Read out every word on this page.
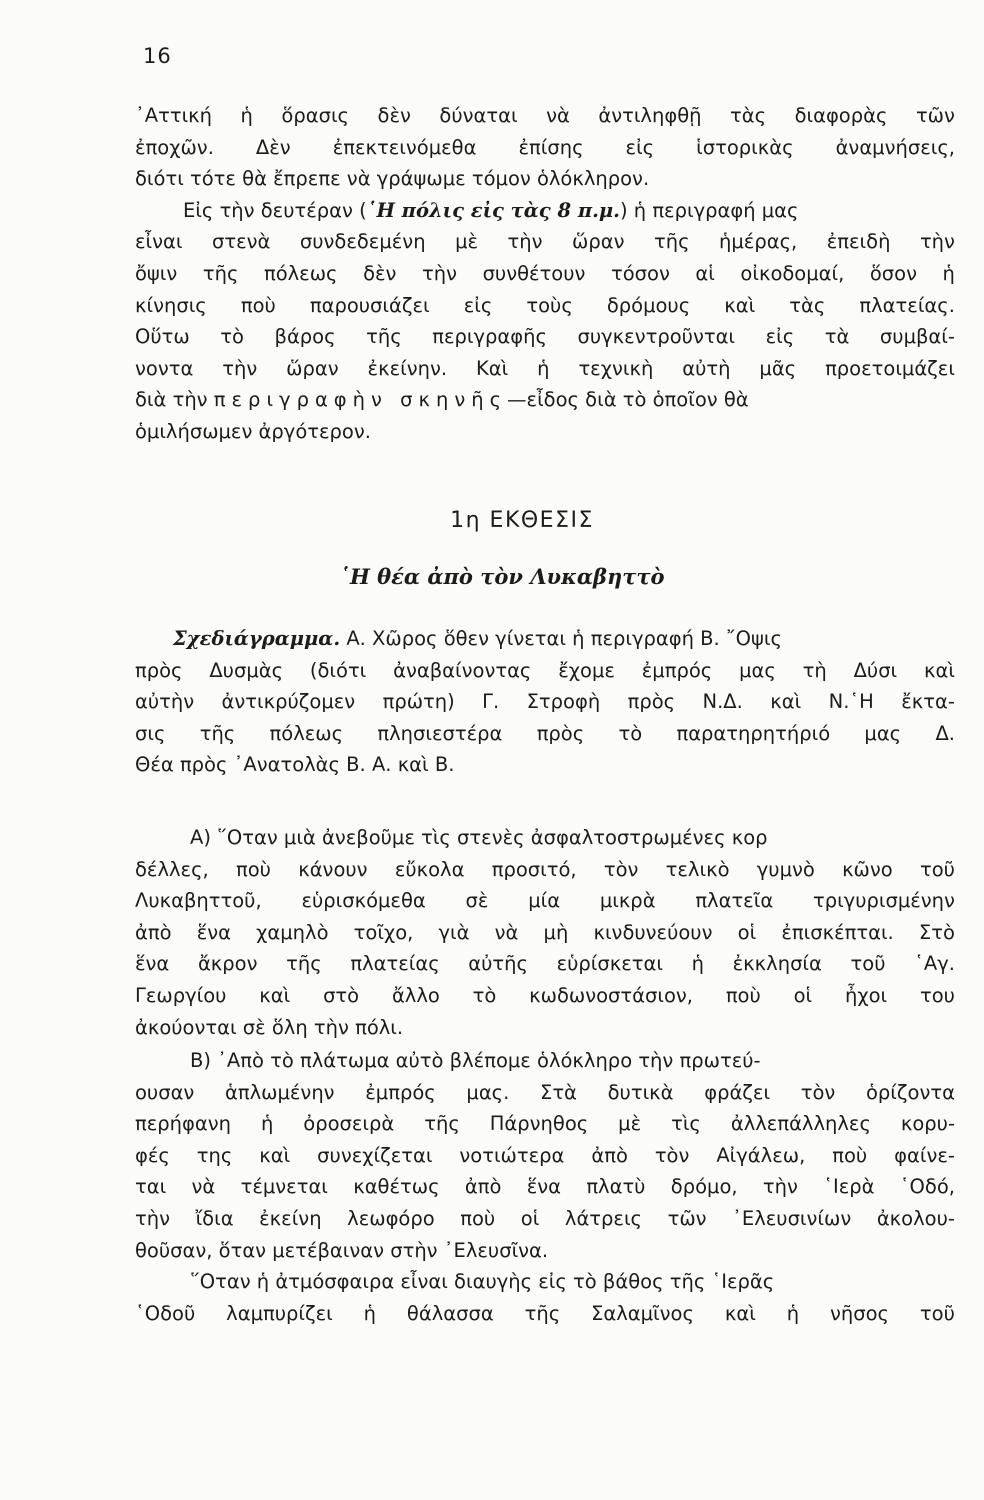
16
᾿Αττική ἡ ὅρασις δὲν δύναται νὰ ἀντιληφθῇ τὰς διαφορὰς τῶν
ἐποχῶν. Δὲν ἐπεκτεινόμεθα ἐπίσης εἰς ἱστορικὰς ἀναμνήσεις,
διότι τότε θὰ ἔπρεπε νὰ γράψωμε τόμον ὁλόκληρον.
Εἰς τὴν δευτέραν (῾Η πόλις εἰς τὰς 8 π.μ.) ἡ περιγραφή μας
εἶναι στενὰ συνδεδεμένη μὲ τὴν ὥραν τῆς ἡμέρας, ἐπειδὴ τὴν
ὄψιν τῆς πόλεως δὲν τὴν συνθέτουν τόσον αἱ οἰκοδομαί, ὅσον ἡ
κίνησις ποὺ παρουσιάζει εἰς τοὺς δρόμους καὶ τὰς πλατείας.
Οὕτω τὸ βάρος τῆς περιγραφῆς συγκεντροῦνται εἰς τὰ συμβαί-
νοντα τὴν ὥραν ἐκείνην. Καὶ ἡ τεχνικὴ αὐτὴ μᾶς προετοιμάζει
διὰ τὴν περιγραφὴν σκηνῆς—εἶδος διὰ τὸ ὁποῖον θὰ
ὁμιλήσωμεν ἀργότερον.
1η ΕΚΘΕΣΙΣ
῾Η θέα ἀπὸ τὸν Λυκαβηττὸ
Σχεδιάγραμμα. Α. Χῶρος ὅθεν γίνεται ἡ περιγραφή Β. ῎Οψις
πρὸς Δυσμὰς (διότι ἀναβαίνοντας ἔχομε ἐμπρός μας τὴ Δύσι καὶ
αὐτὴν ἀντικρύζομεν πρώτη) Γ. Στροφὴ πρὸς Ν.Δ. καὶ Ν.῾Η ἔκτα-
σις τῆς πόλεως πλησιεστέρα πρὸς τὸ παρατηρητήριό μας Δ.
Θέα πρὸς ᾿Ανατολὰς Β. Α. καὶ Β.
Α) ῞Οταν μιὰ ἀνεβοῦμε τὶς στενὲς ἀσφαλτοστρωμένες κορ
δέλλες, ποὺ κάνουν εὔκολα προσιτό, τὸν τελικὸ γυμνὸ κῶνο τοῦ
Λυκαβηττοῦ, εὑρισκόμεθα σὲ μία μικρὰ πλατεῖα τριγυρισμένην
ἀπὸ ἕνα χαμηλὸ τοῖχο, γιὰ νὰ μὴ κινδυνεύουν οἱ ἐπισκέπται. Στὸ
ἕνα ἄκρον τῆς πλατείας αὐτῆς εὑρίσκεται ἡ ἐκκλησία τοῦ ῾Αγ.
Γεωργίου καὶ στὸ ἄλλο τὸ κωδωνοστάσιον, ποὺ οἱ ἦχοι του
ἀκούονται σὲ ὅλη τὴν πόλι.
Β) ᾿Απὸ τὸ πλάτωμα αὐτὸ βλέπομε ὁλόκληρο τὴν πρωτεύ-
ουσαν ἁπλωμένην ἐμπρός μας. Στὰ δυτικὰ φράζει τὸν ὁρίζοντα
περήφανη ἡ ὀροσειρὰ τῆς Πάρνηθος μὲ τὶς ἀλλεπάλληλες κορυ-
φές της καὶ συνεχίζεται νοτιώτερα ἀπὸ τὸν Αἰγάλεω, ποὺ φαίνε-
ται νὰ τέμνεται καθέτως ἀπὸ ἕνα πλατὺ δρόμο, τὴν ῾Ιερὰ ῾Οδό,
τὴν ἴδια ἐκείνη λεωφόρο ποὺ οἱ λάτρεις τῶν ᾿Ελευσινίων ἀκολου-
θοῦσαν, ὅταν μετέβαιναν στὴν ᾿Ελευσῖνα.
῞Οταν ἡ ἀτμόσφαιρα εἶναι διαυγὴς εἰς τὸ βάθος τῆς ῾Ιερᾶς
῾Οδοῦ λαμπυρίζει ἡ θάλασσα τῆς Σαλαμῖνος καὶ ἡ νῆσος τοῦ
